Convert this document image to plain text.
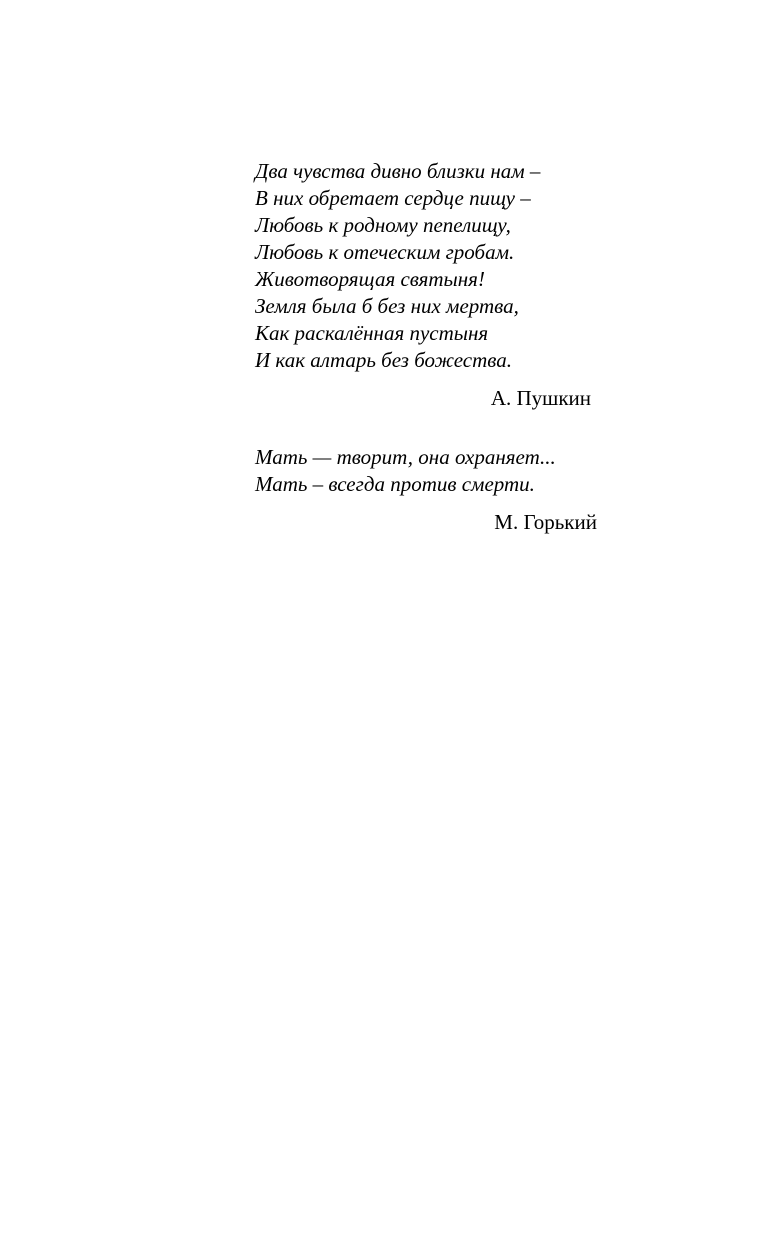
Два чувства дивно близки нам –
В них обретает сердце пищу –
Любовь к родному пепелищу,
Любовь к отеческим гробам.
Животворящая святыня!
Земля была б без них мертва,
Как раскалённая пустыня
И как алтарь без божества.
А. Пушкин
Мать — творит, она охраняет...
Мать – всегда против смерти.
М. Горький
